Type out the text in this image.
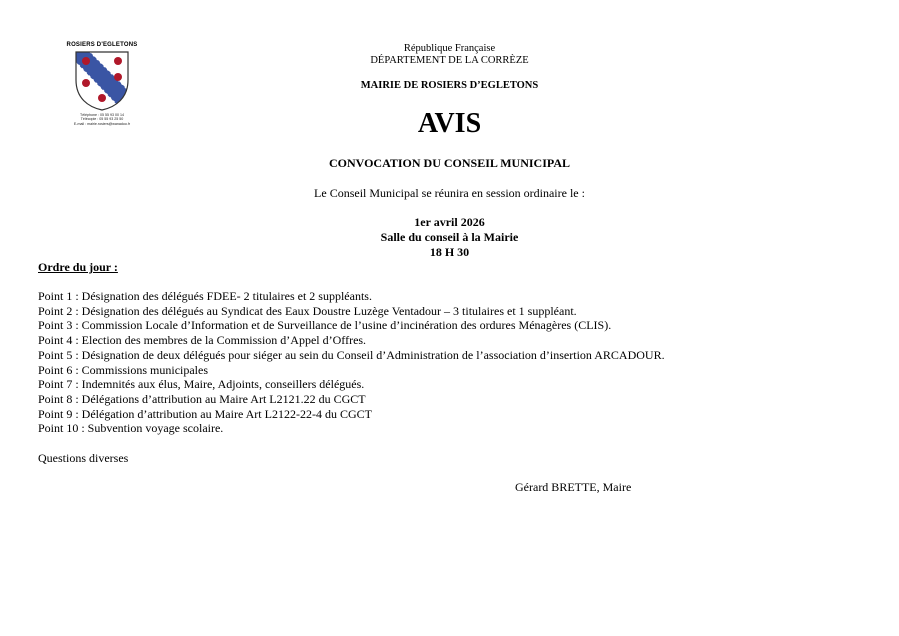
ROSIERS D'EGLETONS
Téléphone : 05 55 93 00 14
Télécopie : 05 55 93 25 50
E-mail : mairie.rosiers@wanadoo.fr
République Française
DÉPARTEMENT DE LA CORRÈZE
MAIRIE DE ROSIERS D’EGLETONS
AVIS
CONVOCATION DU CONSEIL MUNICIPAL
Le Conseil Municipal se réunira en session ordinaire le :
1er avril 2026
Salle du conseil à la Mairie
18 H 30
Ordre du jour :
Point 1 : Désignation des délégués FDEE- 2 titulaires et 2 suppléants.
Point 2 : Désignation des délégués au Syndicat des Eaux Doustre Luzège Ventadour – 3 titulaires et 1 suppléant.
Point 3 : Commission Locale d’Information et de Surveillance de l’usine d’incinération des ordures Ménagères (CLIS).
Point 4 : Election des membres de la Commission d’Appel d’Offres.
Point 5 : Désignation de deux délégués pour siéger au sein du Conseil d’Administration de l’association d’insertion ARCADOUR.
Point 6 : Commissions municipales
Point 7 : Indemnités aux élus, Maire, Adjoints, conseillers délégués.
Point 8 : Délégations d’attribution au Maire Art L2121.22 du CGCT
Point 9 : Délégation d’attribution au Maire Art L2122-22-4 du CGCT
Point 10 : Subvention voyage scolaire.
Questions diverses
Gérard BRETTE, Maire
